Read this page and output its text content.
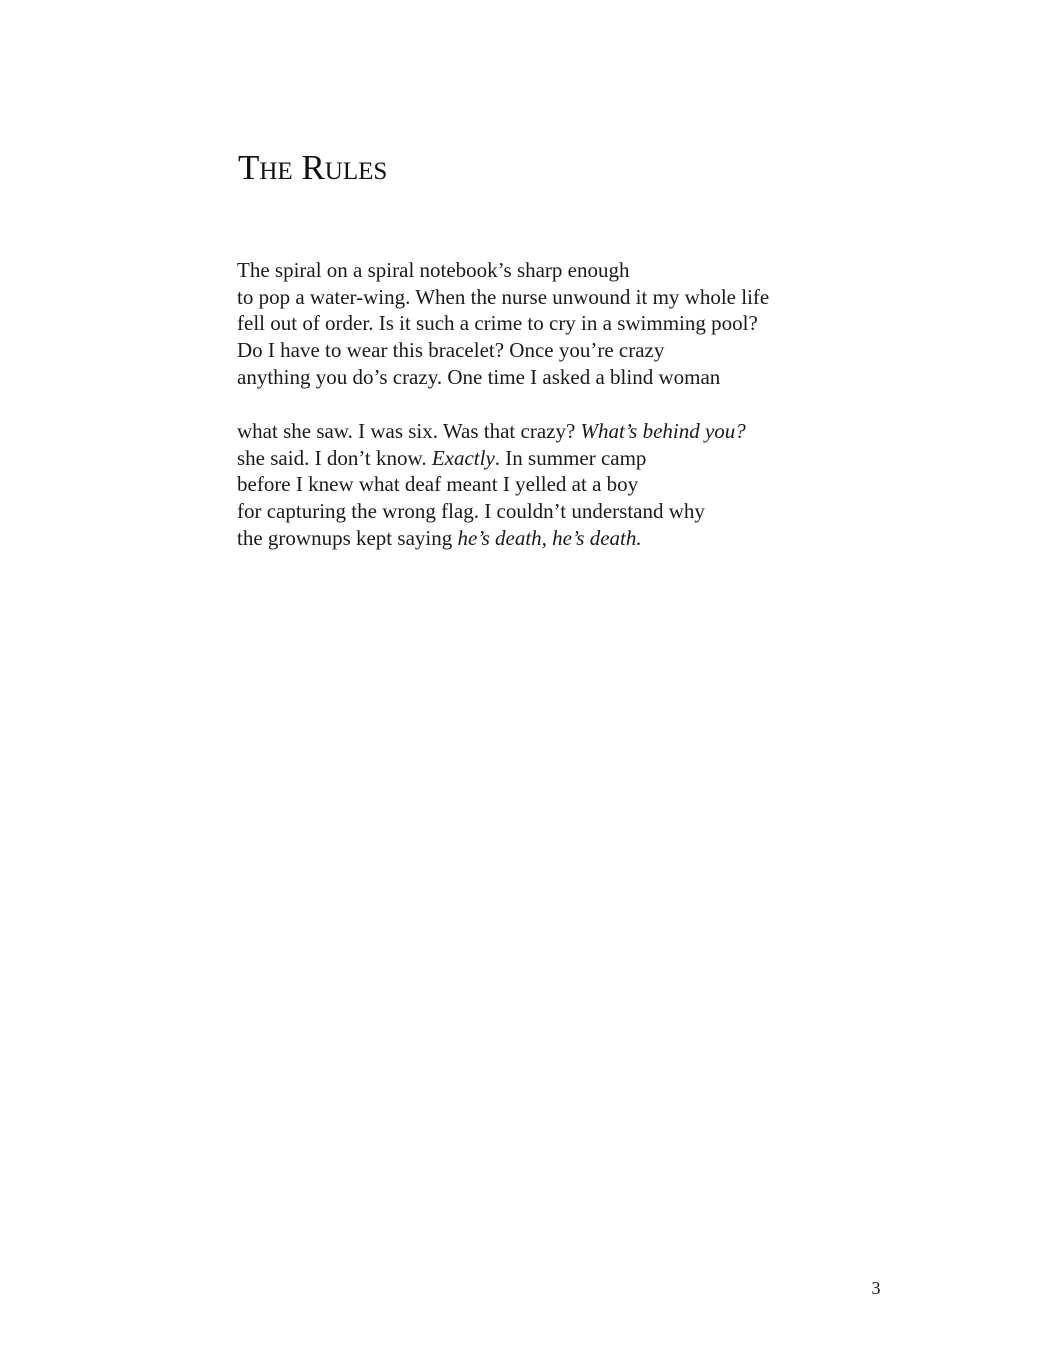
The Rules
The spiral on a spiral notebook’s sharp enough
to pop a water-wing. When the nurse unwound it my whole life
fell out of order. Is it such a crime to cry in a swimming pool?
Do I have to wear this bracelet? Once you’re crazy
anything you do’s crazy. One time I asked a blind woman
what she saw. I was six. Was that crazy? What’s behind you?
she said. I don’t know. Exactly. In summer camp
before I knew what deaf meant I yelled at a boy
for capturing the wrong flag. I couldn’t understand why
the grownups kept saying he’s death, he’s death.
3
